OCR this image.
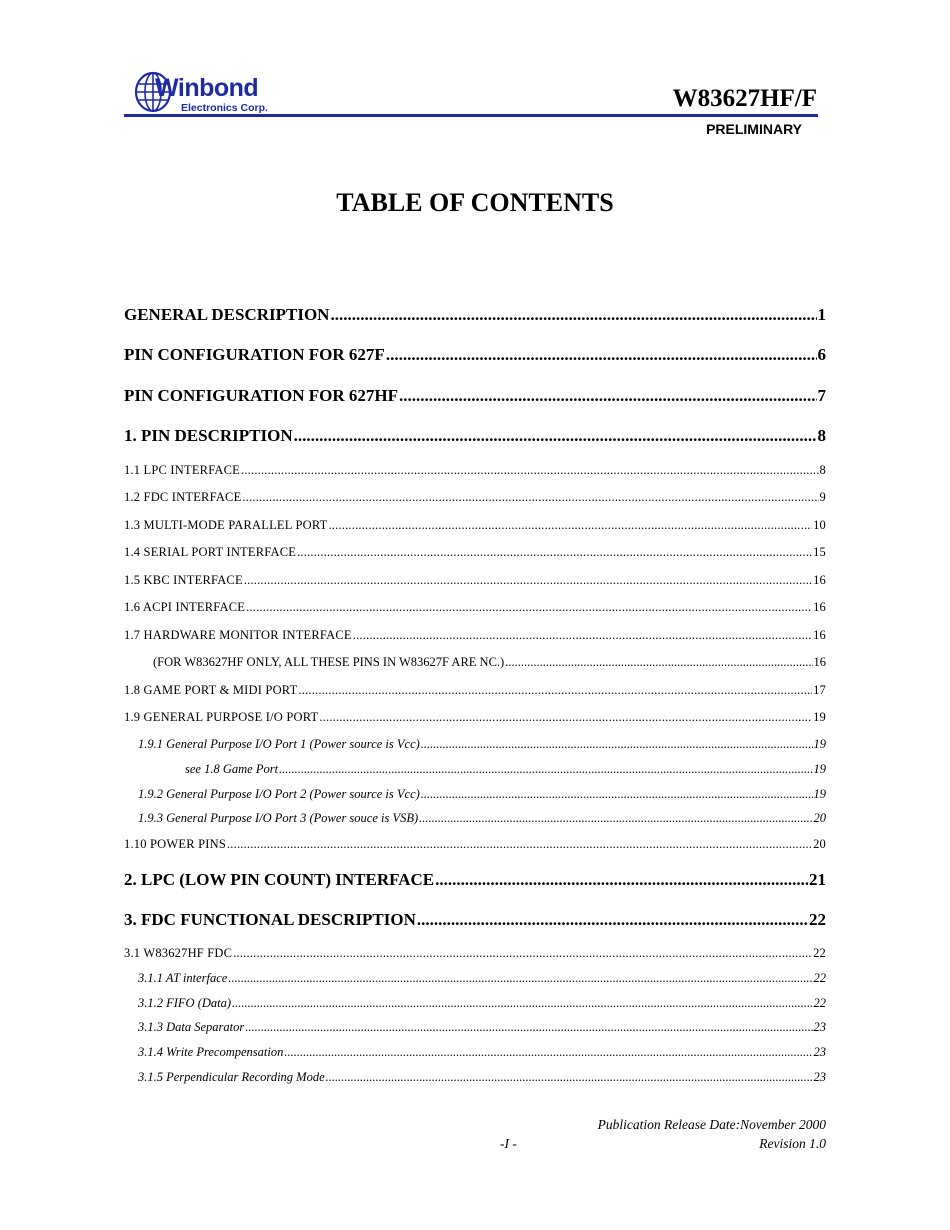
Winbond
Electronics Corp.	W83627HF/F
PRELIMINARY
TABLE OF CONTENTS
GENERAL DESCRIPTION .....	1
PIN CONFIGURATION FOR 627F .....	6
PIN CONFIGURATION FOR 627HF .....	7
1. PIN DESCRIPTION .....	8
1.1 LPC INTERFACE .....	8
1.2 FDC INTERFACE .....	9
1.3 MULTI-MODE PARALLEL PORT .....	10
1.4 SERIAL PORT INTERFACE .....	15
1.5 KBC INTERFACE .....	16
1.6 ACPI INTERFACE .....	16
1.7 HARDWARE MONITOR INTERFACE .....	16
(FOR W83627HF ONLY, ALL THESE PINS IN W83627F ARE NC.) .....	16
1.8 GAME PORT & MIDI PORT .....	17
1.9 GENERAL PURPOSE I/O PORT .....	19
1.9.1 General Purpose I/O Port 1 (Power source is Vcc) .....	19
see 1.8 Game Port .....	19
1.9.2 General Purpose I/O Port 2 (Power source is Vcc) .....	19
1.9.3 General Purpose I/O Port 3 (Power souce is VSB) .....	20
1.10 POWER PINS .....	20
2. LPC (LOW PIN COUNT) INTERFACE .....	21
3. FDC FUNCTIONAL DESCRIPTION .....	22
3.1 W83627HF FDC .....	22
3.1.1 AT interface .....	22
3.1.2 FIFO (Data) .....	22
3.1.3 Data Separator .....	23
3.1.4 Write Precompensation .....	23
3.1.5 Perpendicular Recording Mode .....	23
Publication Release Date:November 2000
-I -	Revision 1.0
